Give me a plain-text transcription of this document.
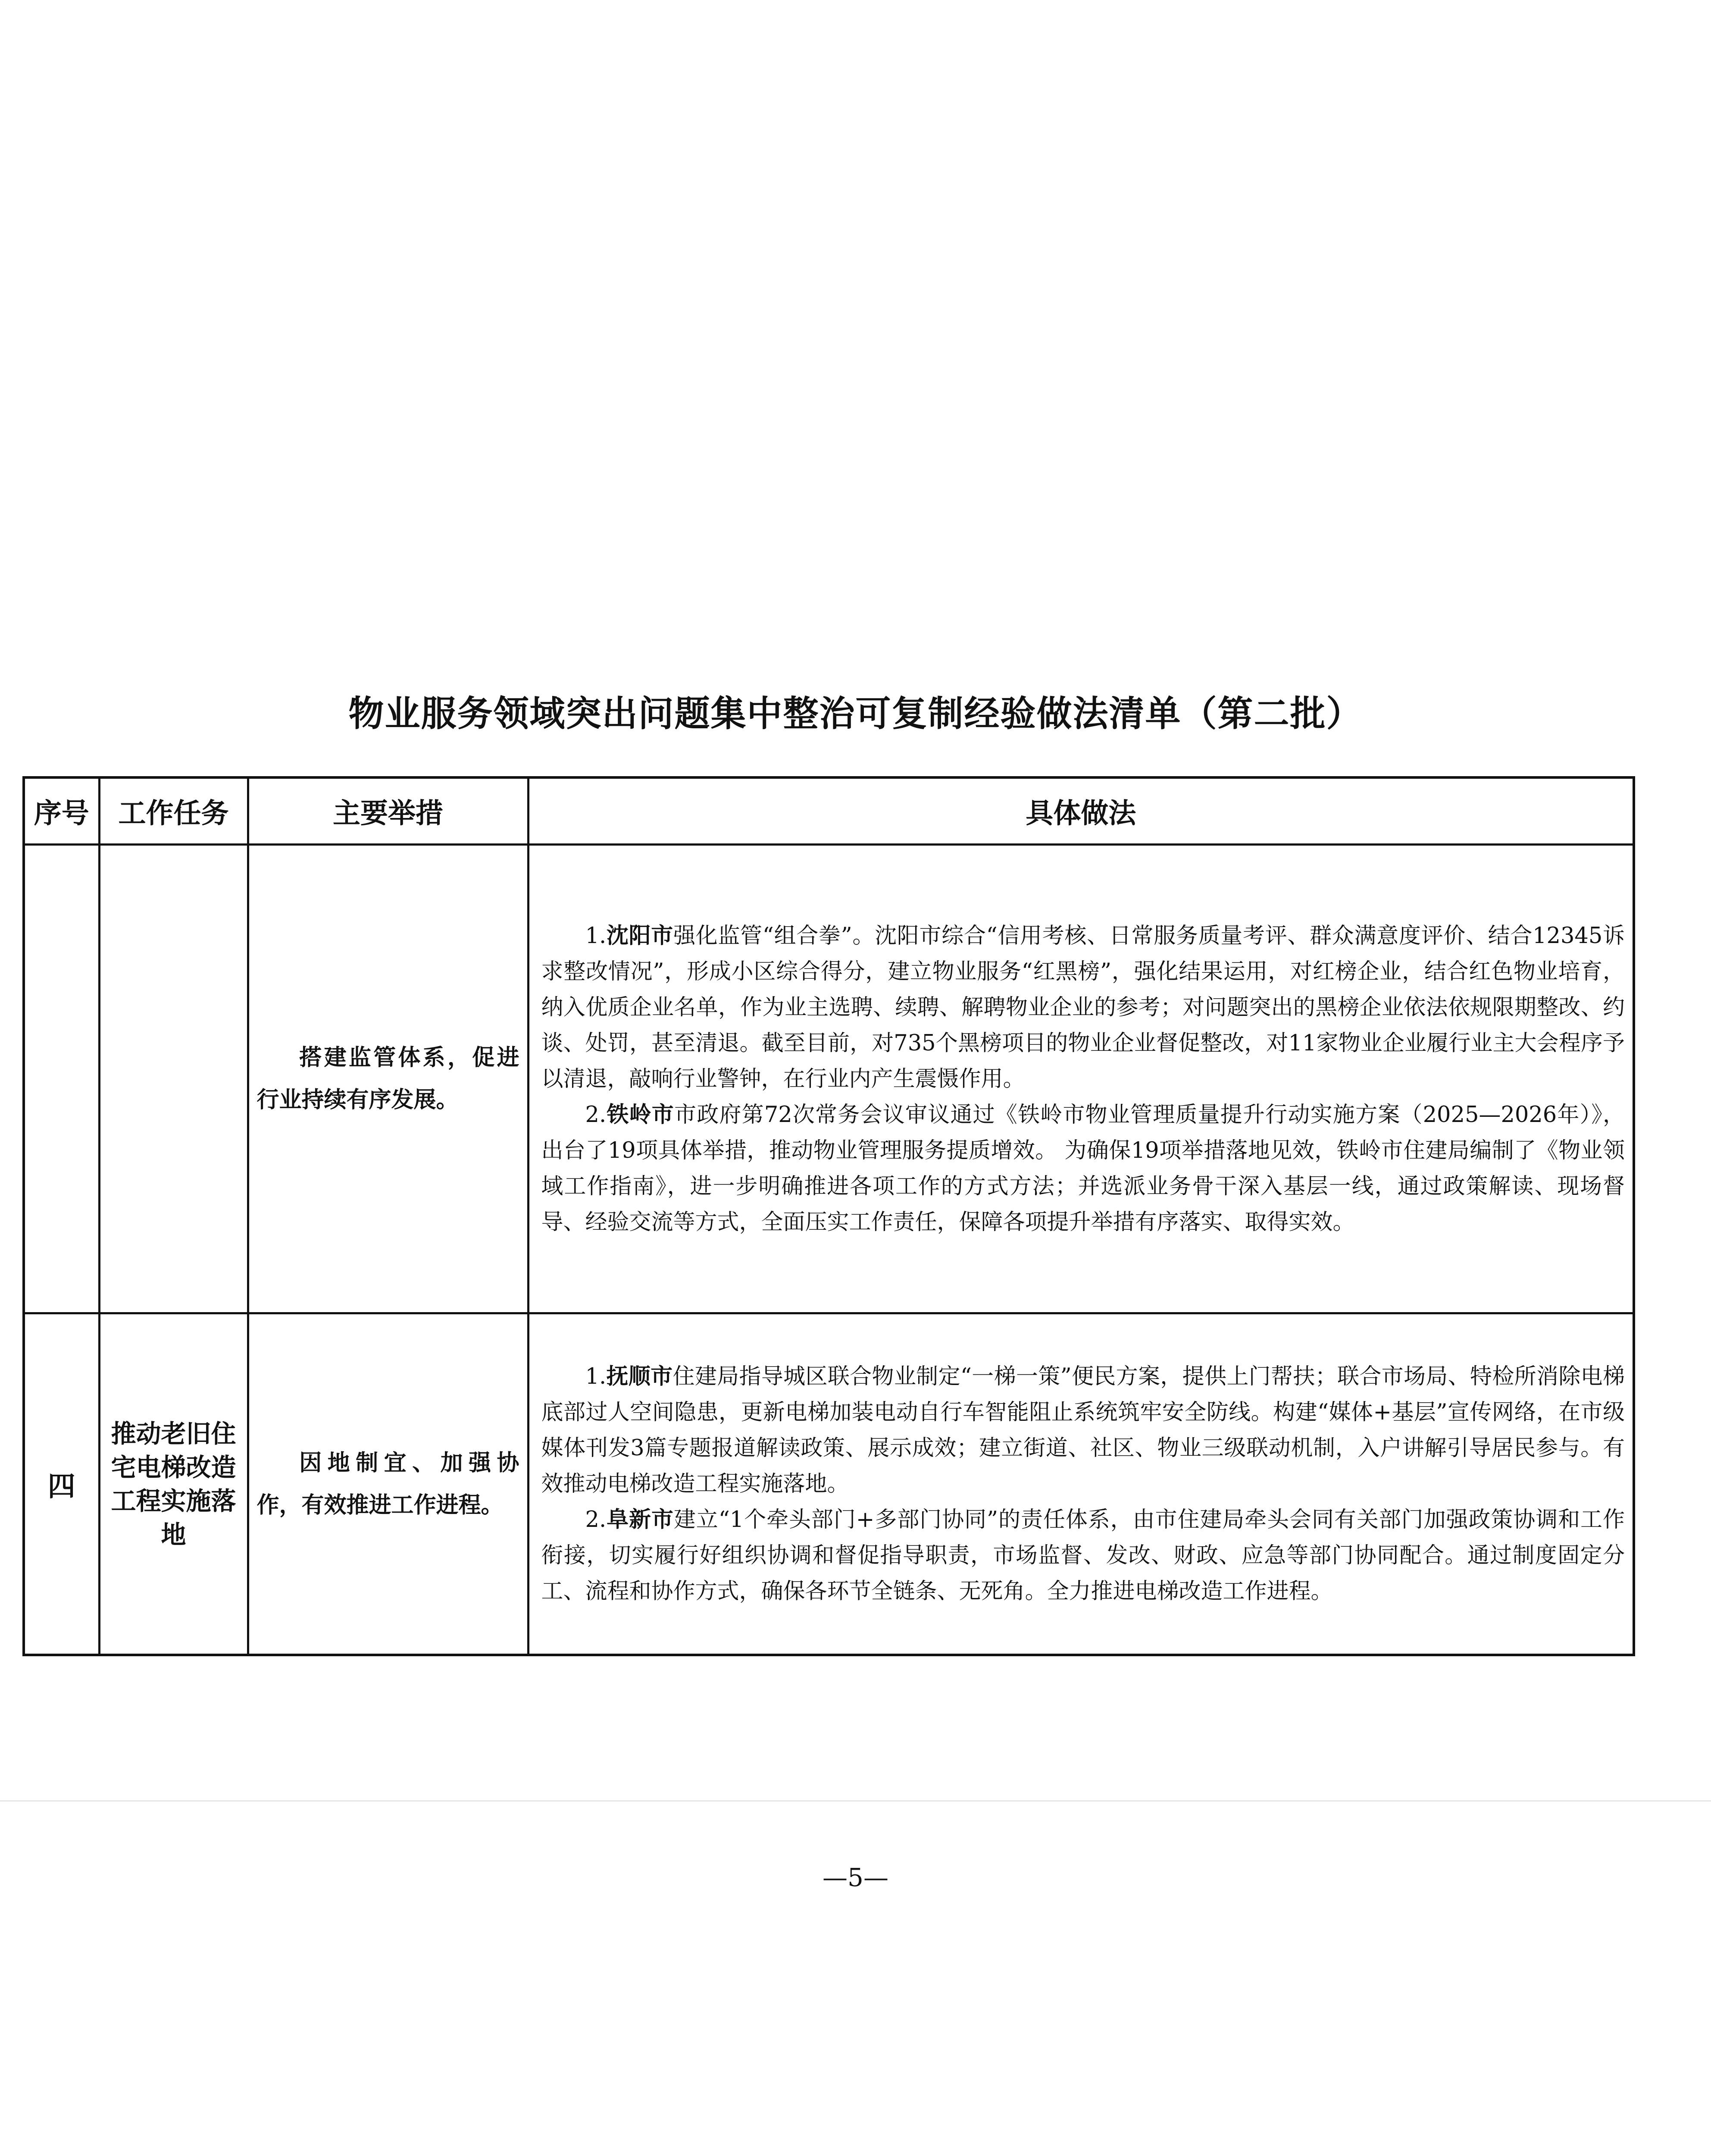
物业服务领域突出问题集中整治可复制经验做法清单（第二批）
序号	工作任务	主要举措	具体做法

		搭建监管体系，促进行业持续有序发展。	1.沈阳市强化监管“组合拳”。沈阳市综合“信用考核、日常服务质量考评、群众满意度评价、结合12345诉求整改情况”，形成小区综合得分，建立物业服务“红黑榜”，强化结果运用，对红榜企业，结合红色物业培育，纳入优质企业名单，作为业主选聘、续聘、解聘物业企业的参考；对问题突出的黑榜企业依法依规限期整改、约谈、处罚，甚至清退。截至目前，对735个黑榜项目的物业企业督促整改，对11家物业企业履行业主大会程序予以清退，敲响行业警钟，在行业内产生震慑作用。

2.铁岭市市政府第72次常务会议审议通过《铁岭市物业管理质量提升行动实施方案（2025—2026年）》，出台了19项具体举措，推动物业管理服务提质增效。 为确保19项举措落地见效，铁岭市住建局编制了《物业领域工作指南》，进一步明确推进各项工作的方式方法；并选派业务骨干深入基层一线，通过政策解读、现场督导、经验交流等方式，全面压实工作责任，保障各项提升举措有序落实、取得实效。

四	推动老旧住宅电梯改造工程实施落地	因地制宜、加强协作，有效推进工作进程。	1.抚顺市住建局指导城区联合物业制定“一梯一策”便民方案，提供上门帮扶；联合市场局、特检所消除电梯底部过人空间隐患，更新电梯加装电动自行车智能阻止系统筑牢安全防线。构建“媒体+基层”宣传网络，在市级媒体刊发3篇专题报道解读政策、展示成效；建立街道、社区、物业三级联动机制，入户讲解引导居民参与。有效推动电梯改造工程实施落地。

2.阜新市建立“1个牵头部门+多部门协同”的责任体系，由市住建局牵头会同有关部门加强政策协调和工作衔接，切实履行好组织协调和督促指导职责，市场监督、发改、财政、应急等部门协同配合。通过制度固定分工、流程和协作方式，确保各环节全链条、无死角。全力推进电梯改造工作进程。

—5—
